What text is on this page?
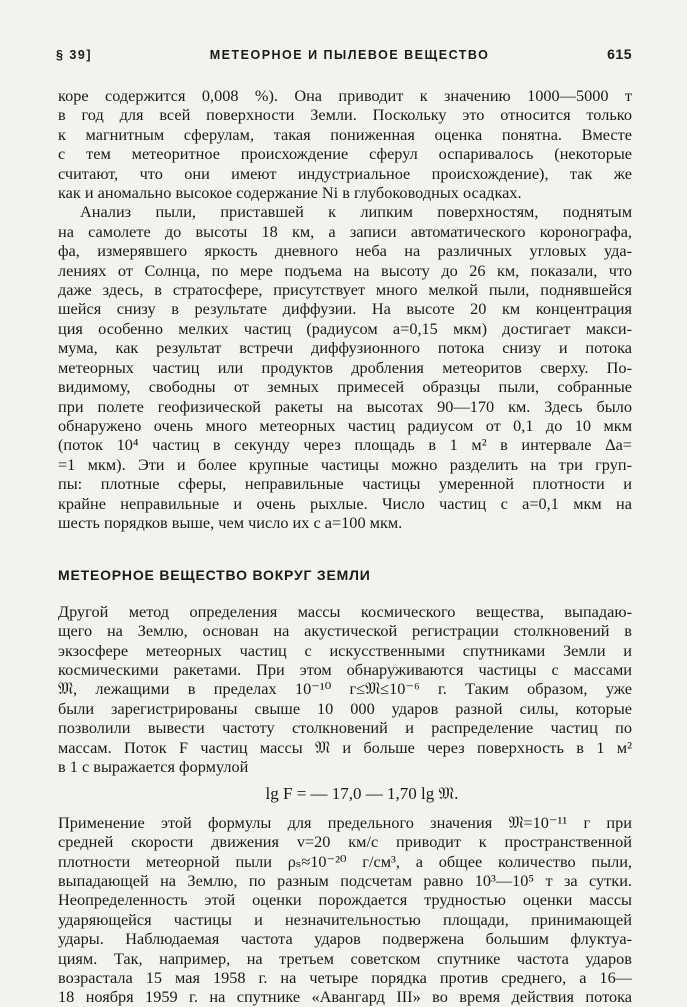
§ 39]	МЕТЕОРНОЕ И ПЫЛЕВОЕ ВЕЩЕСТВО	615

коре содержится 0,008 %). Она приводит к значению 1000—5000 т

в год для всей поверхности Земли. Поскольку это относится только

к магнитным сферулам, такая пониженная оценка понятна. Вместе

с тем метеоритное происхождение сферул оспаривалось (некоторые

считают, что они имеют индустриальное происхождение), так же

как и аномально высокое содержание Ni в глубоководных осадках.

Анализ пыли, приставшей к липким поверхностям, поднятым

на самолете до высоты 18 км, а записи автоматического коронографа,

фа, измерявшего яркость дневного неба на различных угловых уда-

лениях от Солнца, по мере подъема на высоту до 26 км, показали, что

даже здесь, в стратосфере, присутствует много мелкой пыли, поднявшейся

шейся снизу в результате диффузии. На высоте 20 км концентрация

ция особенно мелких частиц (радиусом a=0,15 мкм) достигает макси-

мума, как результат встречи диффузионного потока снизу и потока

метеорных частиц или продуктов дробления метеоритов сверху. По-

видимому, свободны от земных примесей образцы пыли, собранные

при полете геофизической ракеты на высотах 90—170 км. Здесь было

обнаружено очень много метеорных частиц радиусом от 0,1 до 10 мкм

(поток 10⁴ частиц в секунду через площадь в 1 м² в интервале Δa=

=1 мкм). Эти и более крупные частицы можно разделить на три груп-

пы: плотные сферы, неправильные частицы умеренной плотности и

крайне неправильные и очень рыхлые. Число частиц с a=0,1 мкм на

шесть порядков выше, чем число их с a=100 мкм.

МЕТЕОРНОЕ ВЕЩЕСТВО ВОКРУГ ЗЕМЛИ

Другой метод определения массы космического вещества, выпадаю-

щего на Землю, основан на акустической регистрации столкновений в

экзосфере метеорных частиц с искусственными спутниками Земли и

космическими ракетами. При этом обнаруживаются частицы с массами

𝔐, лежащими в пределах 10⁻¹⁰ г≤𝔐≤10⁻⁶ г. Таким образом, уже

были зарегистрированы свыше 10 000 ударов разной силы, которые

позволили вывести частоту столкновений и распределение частиц по

массам. Поток F частиц массы 𝔐 и больше через поверхность в 1 м²

в 1 с выражается формулой

lg F = — 17,0 — 1,70 lg 𝔐.

Применение этой формулы для предельного значения 𝔐=10⁻¹¹ г при

средней скорости движения v=20 км/с приводит к пространственной

плотности метеорной пыли ρₛ≈10⁻²⁰ г/см³, а общее количество пыли,

выпадающей на Землю, по разным подсчетам равно 10³—10⁵ т за сутки.

Неопределенность этой оценки порождается трудностью оценки массы

ударяющейся частицы и незначительностью площади, принимающей

удары. Наблюдаемая частота ударов подвержена большим флуктуа-

циям. Так, например, на третьем советском спутнике частота ударов

возрастала 15 мая 1958 г. на четыре порядка против среднего, а 16—

18 ноября 1959 г. на спутнике «Авангард III» во время действия потока
